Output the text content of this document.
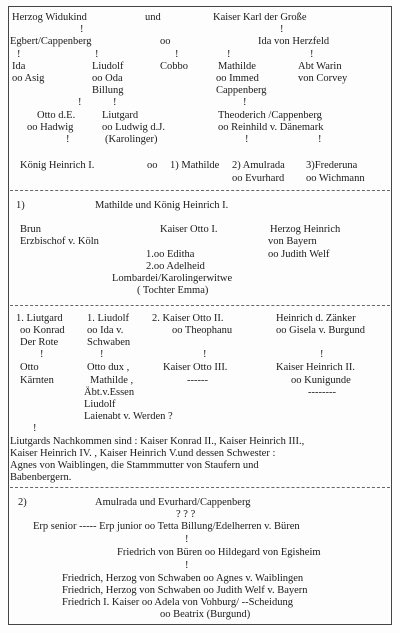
Herzog Widukind	und	Kaiser Karl der Große
!	!
Egbert/Cappenberg	oo	Ida von Herzfeld
!	!	!	!	!
Ida	Liudolf	Cobbo	Mathilde	Abt Warin
oo Asig	oo Oda	oo Immed	von Corvey
Billung	Cappenberg
!	!	!
Otto d.E.	Liutgard	Theoderich /Cappenberg
oo Hadwig	oo Ludwig d.J.	oo Reinhild v. Dänemark
(Karolinger)
!	!	!
König Heinrich I.	oo 1) Mathilde 2) Amulrada 3)Frederuna
oo Evurhard oo Wichmann
1)	Mathilde und König Heinrich I.
Brun	Kaiser Otto I.	Herzog Heinrich
Erzbischof v. Köln	von Bayern
1.oo Editha	oo Judith Welf
2.oo Adelheid
Lombardei/Karolingerwitwe
( Tochter Emma)
1. Liutgard 1. Liudolf 2. Kaiser Otto II.	Heinrich d. Zänker
oo Konrad oo Ida v.	oo Theophanu	oo Gisela v. Burgund
Der Rote	Schwaben
!	!	!	!
Otto	Otto dux ,	Kaiser Otto III.	Kaiser Heinrich II.
Kärnten	Mathilde ,	------	oo Kunigunde
Äbt.v.Essen	--------
Liudolf
Laienabt v. Werden ?
!
Liutgards Nachkommen sind : Kaiser Konrad II., Kaiser Heinrich III.,
Kaiser Heinrich IV. , Kaiser Heinrich V.und dessen Schwester :
Agnes von Waiblingen, die Stammmutter von Staufern und
Babenbergern.
2)	Amulrada und Evurhard/Cappenberg
? ? ?
Erp senior ----- Erp junior oo Tetta Billung/Edelherren v. Büren
!
Friedrich von Büren oo Hildegard von Egisheim
!
Friedrich, Herzog von Schwaben oo Agnes v. Waiblingen
Friedrich, Herzog von Schwaben oo Judith Welf v. Bayern
Friedrich I. Kaiser oo Adela von Vohburg/ --Scheidung
oo Beatrix (Burgund)
